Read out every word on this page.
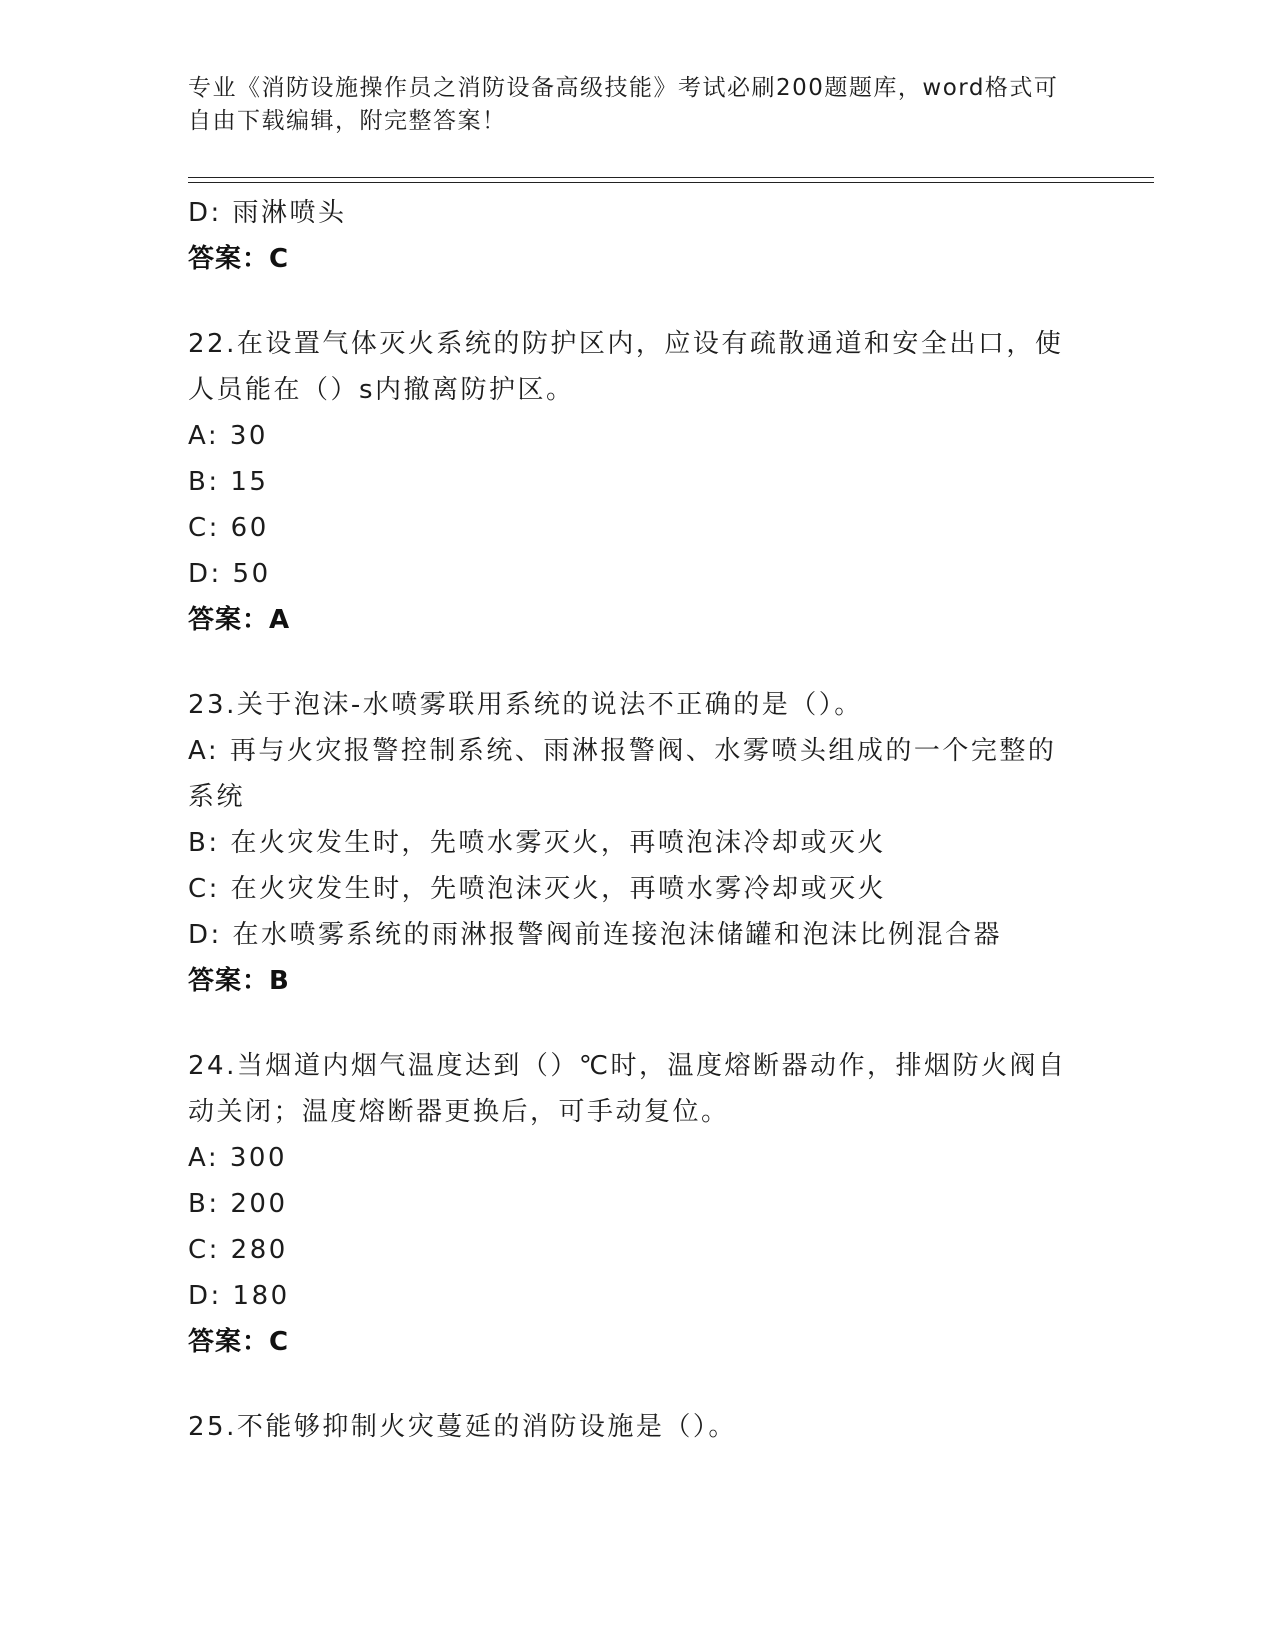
专业《消防设施操作员之消防设备高级技能》考试必刷200题题库，word格式可
自由下载编辑，附完整答案！
D: 雨淋喷头
答案：C
22.在设置气体灭火系统的防护区内，应设有疏散通道和安全出口，使
人员能在（）s内撤离防护区。
A: 30
B: 15
C: 60
D: 50
答案：A
23.关于泡沫-水喷雾联用系统的说法不正确的是（）。
A: 再与火灾报警控制系统、雨淋报警阀、水雾喷头组成的一个完整的
系统
B: 在火灾发生时，先喷水雾灭火，再喷泡沫冷却或灭火
C: 在火灾发生时，先喷泡沫灭火，再喷水雾冷却或灭火
D: 在水喷雾系统的雨淋报警阀前连接泡沫储罐和泡沫比例混合器
答案：B
24.当烟道内烟气温度达到（）℃时，温度熔断器动作，排烟防火阀自
动关闭；温度熔断器更换后，可手动复位。
A: 300
B: 200
C: 280
D: 180
答案：C
25.不能够抑制火灾蔓延的消防设施是（）。
